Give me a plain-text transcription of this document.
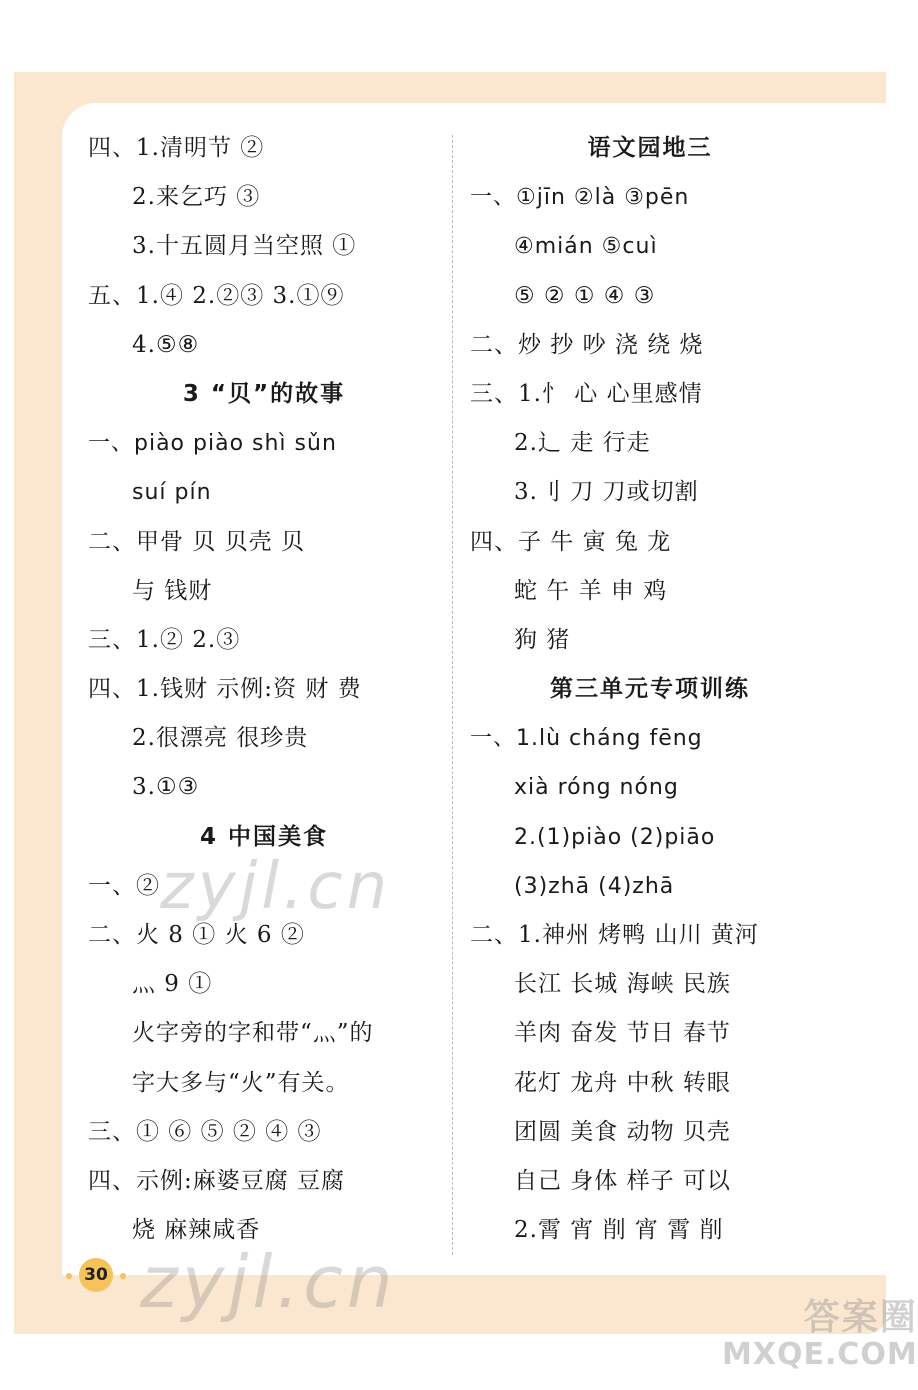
四、1.清明节 ②
2.来乞巧 ③
3.十五圆月当空照 ①
五、1.④ 2.②③ 3.①⑨
4.⑤⑧
3 “贝”的故事
一、piào piào shì sǔn
suí pín
二、甲骨 贝 贝壳 贝
与 钱财
三、1.② 2.③
四、1.钱财 示例:资 财 费
2.很漂亮 很珍贵
3.①③
4 中国美食
一、②
二、火 8 ① 火 6 ②
灬 9 ①
火字旁的字和带“灬”的
字大多与“火”有关。
三、① ⑥ ⑤ ② ④ ③
四、示例:麻婆豆腐 豆腐
烧 麻辣咸香
语文园地三
一、①jīn ②là ③pēn
④mián ⑤cuì
⑤ ② ① ④ ③
二、炒 抄 吵 浇 绕 烧
三、1.忄 心 心里感情
2.辶 走 行走
3.刂 刀 刀或切割
四、子 牛 寅 兔 龙
蛇 午 羊 申 鸡
狗 猪
第三单元专项训练
一、1.lù cháng fēng
xià róng nóng
2.(1)piào (2)piāo
(3)zhā (4)zhā
二、1.神州 烤鸭 山川 黄河
长江 长城 海峡 民族
羊肉 奋发 节日 春节
花灯 龙舟 中秋 转眼
团圆 美食 动物 贝壳
自己 身体 样子 可以
2.霄 宵 削 宵 霄 削
30
zyjl.cn
zyjl.cn	答案圈
MXQE.COM
